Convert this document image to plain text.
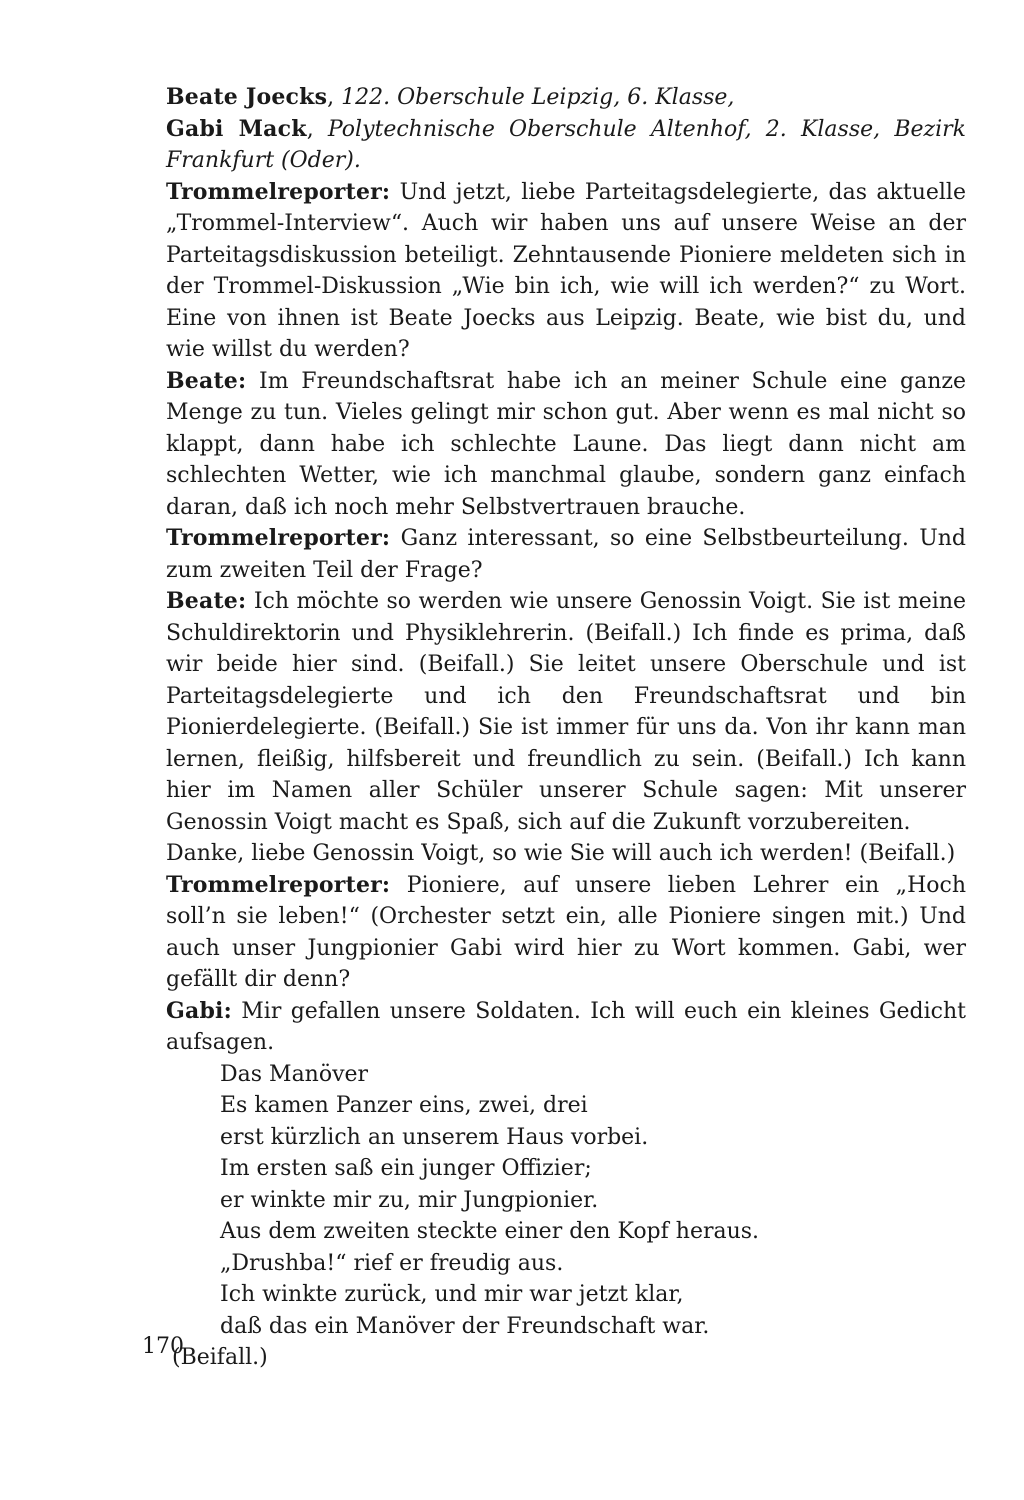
Beate Joecks, 122. Oberschule Leipzig, 6. Klasse,

Gabi Mack, Polytechnische Oberschule Altenhof, 2. Klasse, Bezirk Frankfurt (Oder).

Trommelreporter: Und jetzt, liebe Parteitagsdelegierte, das aktuelle „Trommel-Interview“. Auch wir haben uns auf unsere Weise an der Parteitagsdiskussion beteiligt. Zehntausende Pioniere meldeten sich in der Trommel-Diskussion „Wie bin ich, wie will ich werden?“ zu Wort. Eine von ihnen ist Beate Joecks aus Leipzig. Beate, wie bist du, und wie willst du werden?

Beate: Im Freundschaftsrat habe ich an meiner Schule eine ganze Menge zu tun. Vieles gelingt mir schon gut. Aber wenn es mal nicht so klappt, dann habe ich schlechte Laune. Das liegt dann nicht am schlechten Wetter, wie ich manchmal glaube, sondern ganz einfach daran, daß ich noch mehr Selbstvertrauen brauche.

Trommelreporter: Ganz interessant, so eine Selbstbeurteilung. Und zum zweiten Teil der Frage?

Beate: Ich möchte so werden wie unsere Genossin Voigt. Sie ist meine Schuldirektorin und Physiklehrerin. (Beifall.) Ich finde es prima, daß wir beide hier sind. (Beifall.) Sie leitet unsere Oberschule und ist Parteitagsdelegierte und ich den Freundschaftsrat und bin Pionierdelegierte. (Beifall.) Sie ist immer für uns da. Von ihr kann man lernen, fleißig, hilfsbereit und freundlich zu sein. (Beifall.) Ich kann hier im Namen aller Schüler unserer Schule sagen: Mit unserer Genossin Voigt macht es Spaß, sich auf die Zukunft vorzubereiten.

Danke, liebe Genossin Voigt, so wie Sie will auch ich werden! (Beifall.)

Trommelreporter: Pioniere, auf unsere lieben Lehrer ein „Hoch soll’n sie leben!“ (Orchester setzt ein, alle Pioniere singen mit.) Und auch unser Jungpionier Gabi wird hier zu Wort kommen. Gabi, wer gefällt dir denn?

Gabi: Mir gefallen unsere Soldaten. Ich will euch ein kleines Gedicht aufsagen.

Das Manöver

Es kamen Panzer eins, zwei, drei

erst kürzlich an unserem Haus vorbei.

Im ersten saß ein junger Offizier;

er winkte mir zu, mir Jungpionier.

Aus dem zweiten steckte einer den Kopf heraus.

„Drushba!“ rief er freudig aus.

Ich winkte zurück, und mir war jetzt klar,

daß das ein Manöver der Freundschaft war.

(Beifall.)

170
